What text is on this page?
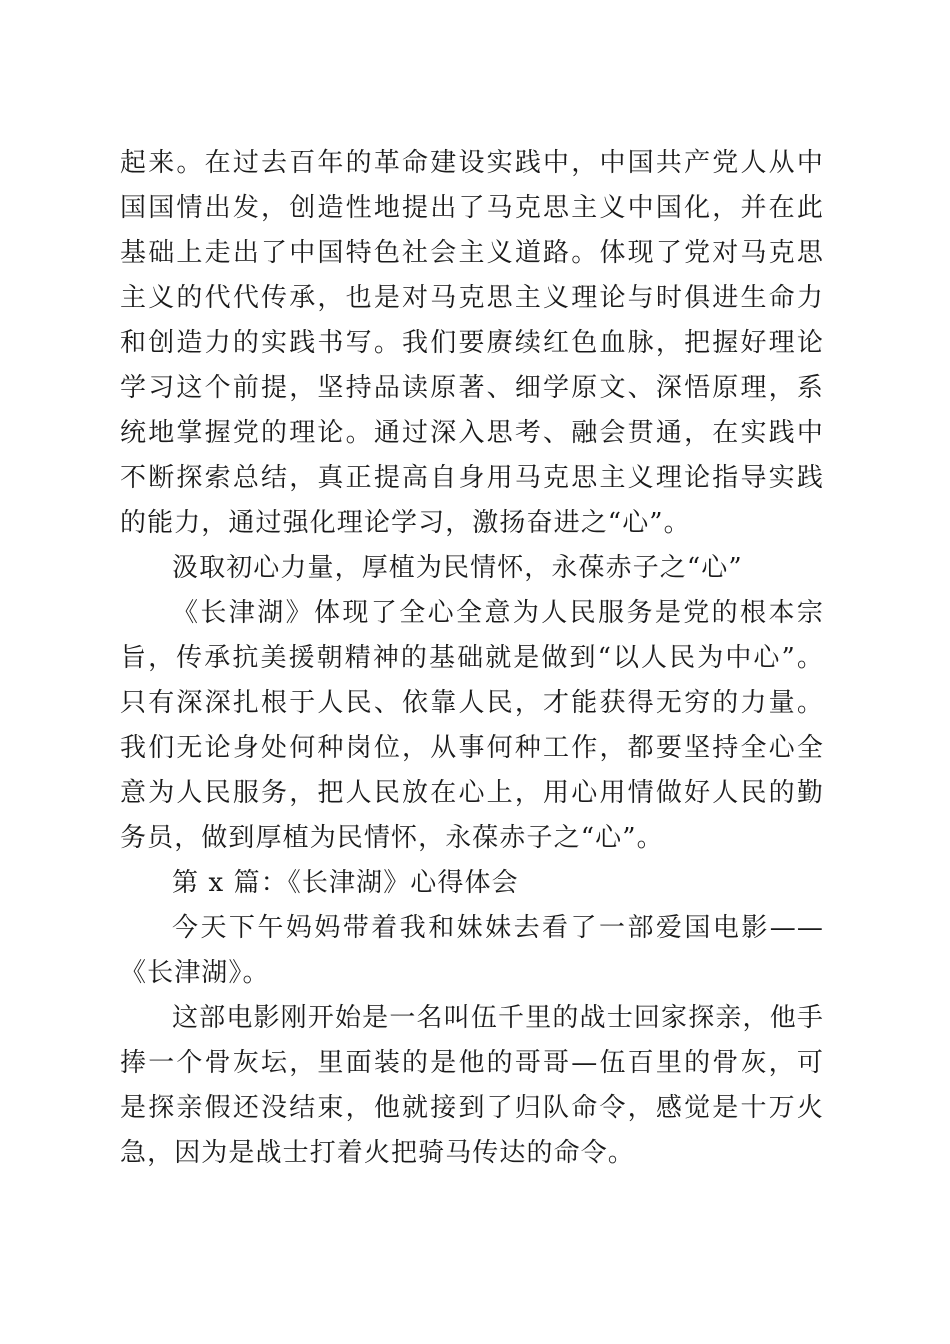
起来。在过去百年的革命建设实践中，中国共产党人从中国国情出发，创造性地提出了马克思主义中国化，并在此基础上走出了中国特色社会主义道路。体现了党对马克思主义的代代传承，也是对马克思主义理论与时俱进生命力和创造力的实践书写。我们要赓续红色血脉，把握好理论学习这个前提，坚持品读原著、细学原文、深悟原理，系统地掌握党的理论。通过深入思考、融会贯通，在实践中不断探索总结，真正提高自身用马克思主义理论指导实践的能力，通过强化理论学习，激扬奋进之“心”。

汲取初心力量，厚植为民情怀，永葆赤子之“心”

《长津湖》体现了全心全意为人民服务是党的根本宗旨，传承抗美援朝精神的基础就是做到“以人民为中心”。只有深深扎根于人民、依靠人民，才能获得无穷的力量。我们无论身处何种岗位，从事何种工作，都要坚持全心全意为人民服务，把人民放在心上，用心用情做好人民的勤务员，做到厚植为民情怀，永葆赤子之“心”。

第 x 篇：《长津湖》心得体会

今天下午妈妈带着我和妹妹去看了一部爱国电影——《长津湖》。

这部电影刚开始是一名叫伍千里的战士回家探亲，他手捧一个骨灰坛，里面装的是他的哥哥—伍百里的骨灰，可是探亲假还没结束，他就接到了归队命令，感觉是十万火急，因为是战士打着火把骑马传达的命令。
